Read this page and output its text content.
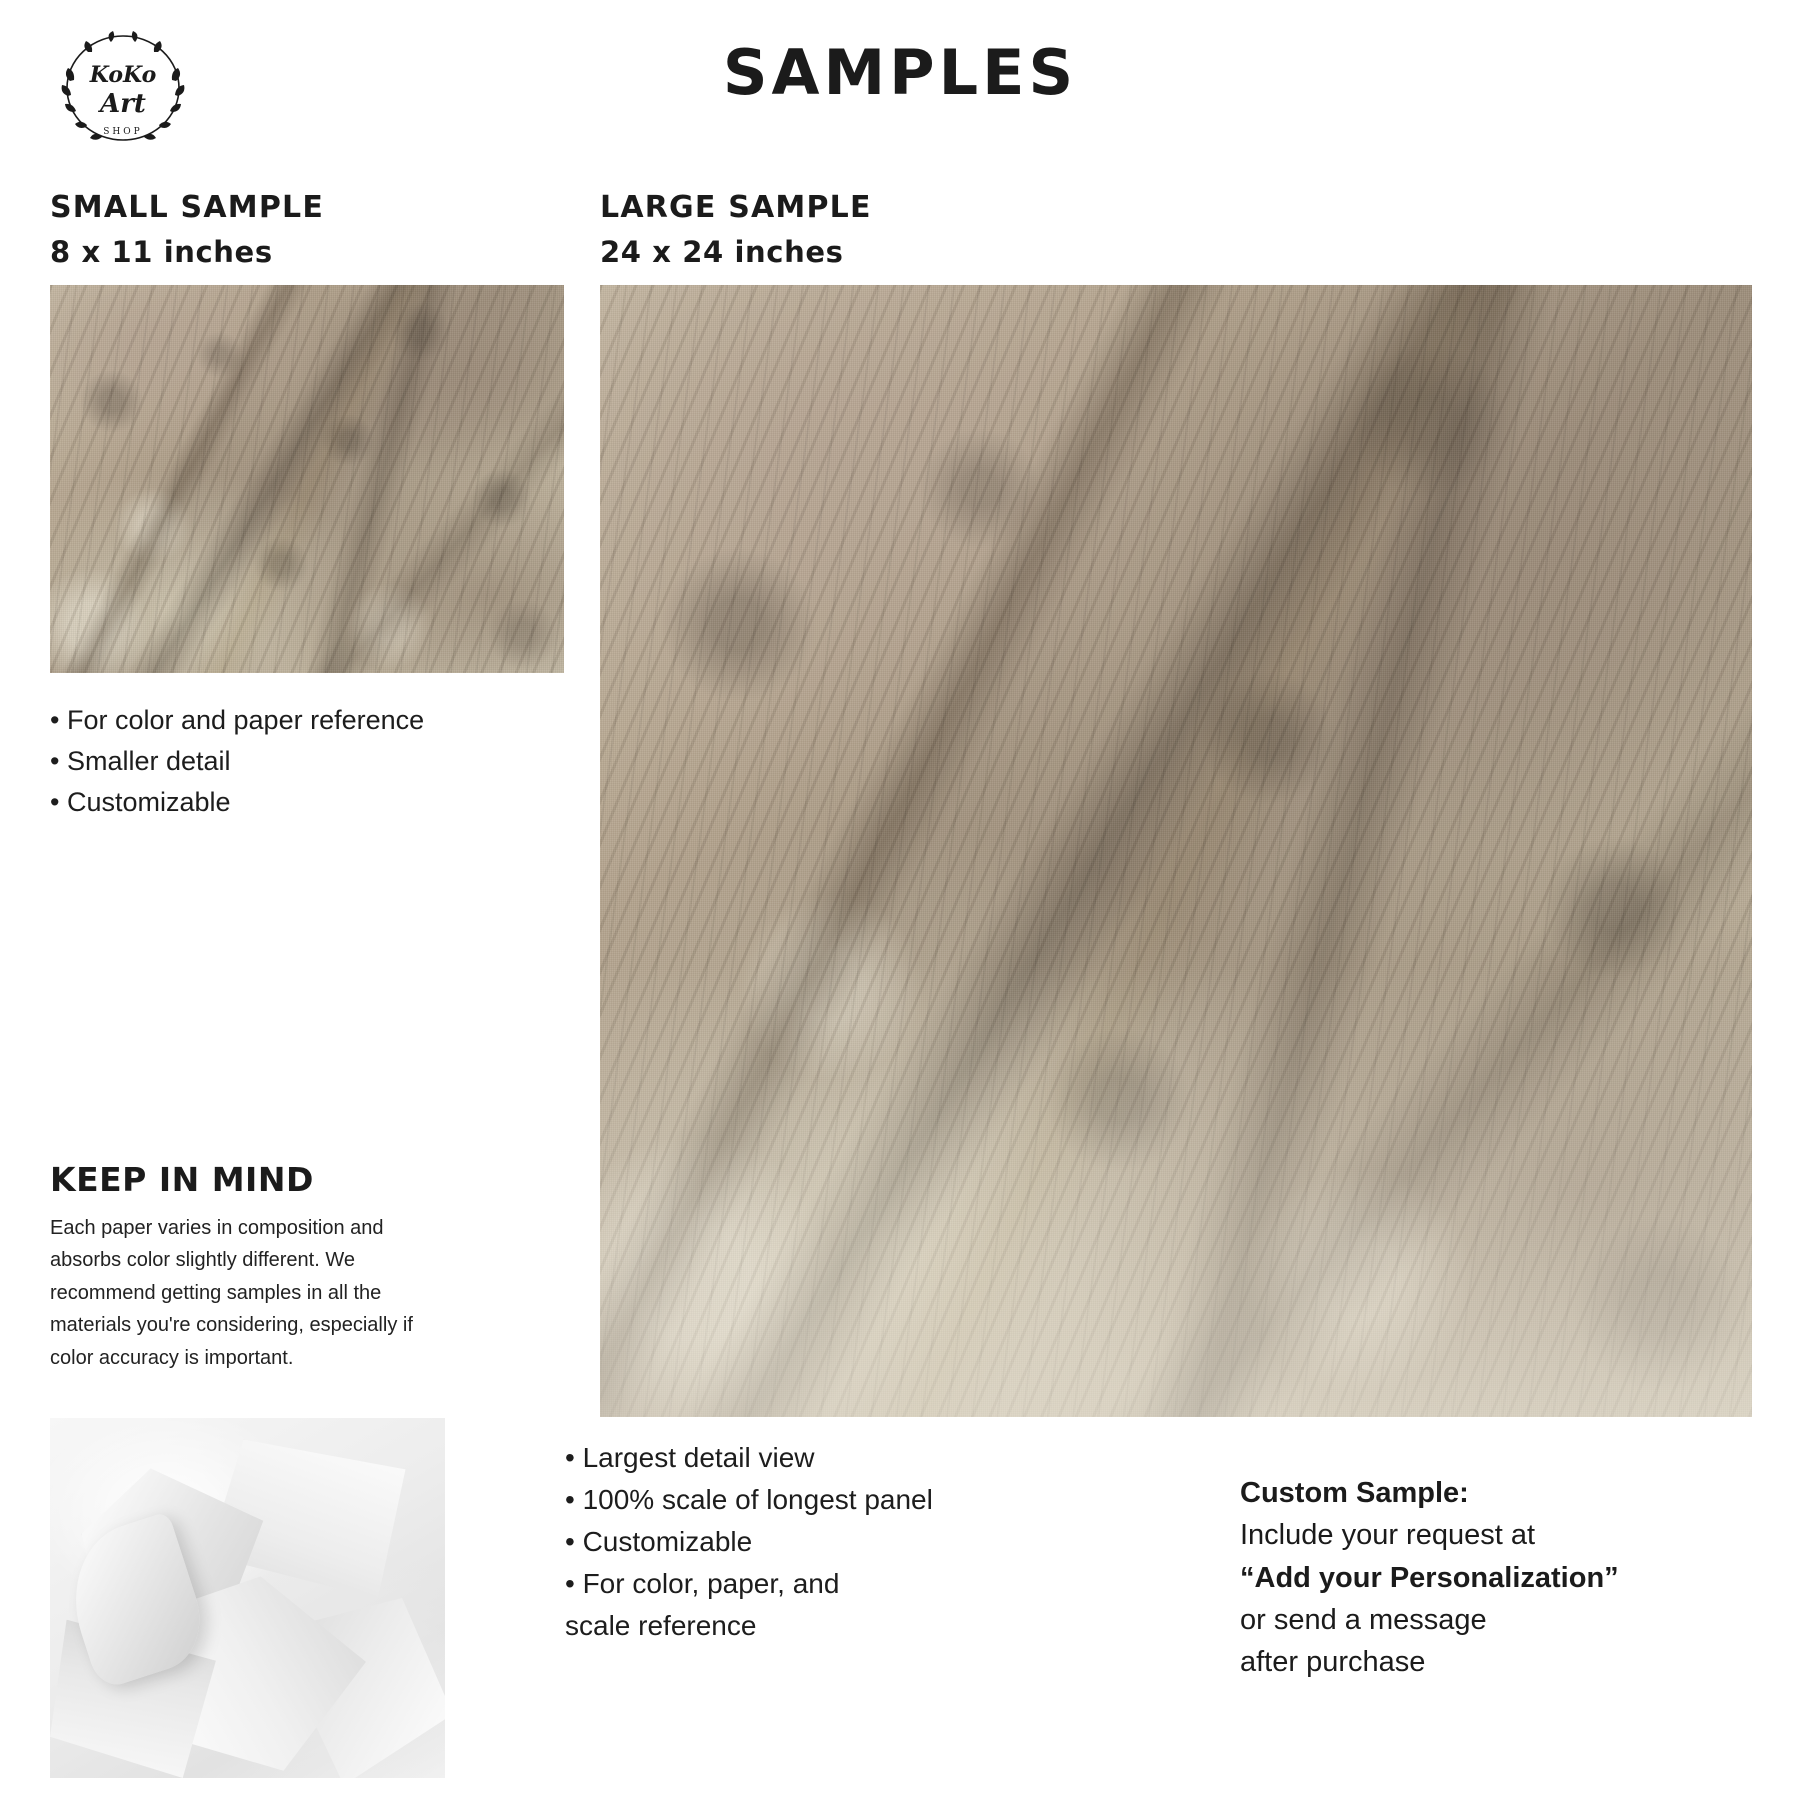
KoKo
Art
SHOP
SAMPLES
SMALL SAMPLE
8 x 11 inches
LARGE SAMPLE
24 x 24 inches
• For color and paper reference
• Smaller detail
• Customizable
• Largest detail view
• 100% scale of longest panel
• Customizable
• For color, paper, and
scale reference
KEEP IN MIND
Each paper varies in composition and absorbs color slightly different. We recommend getting samples in all the materials you're considering, especially if color accuracy is important.
Custom Sample:
Include your request at
“Add your Personalization”
or send a message
after purchase
